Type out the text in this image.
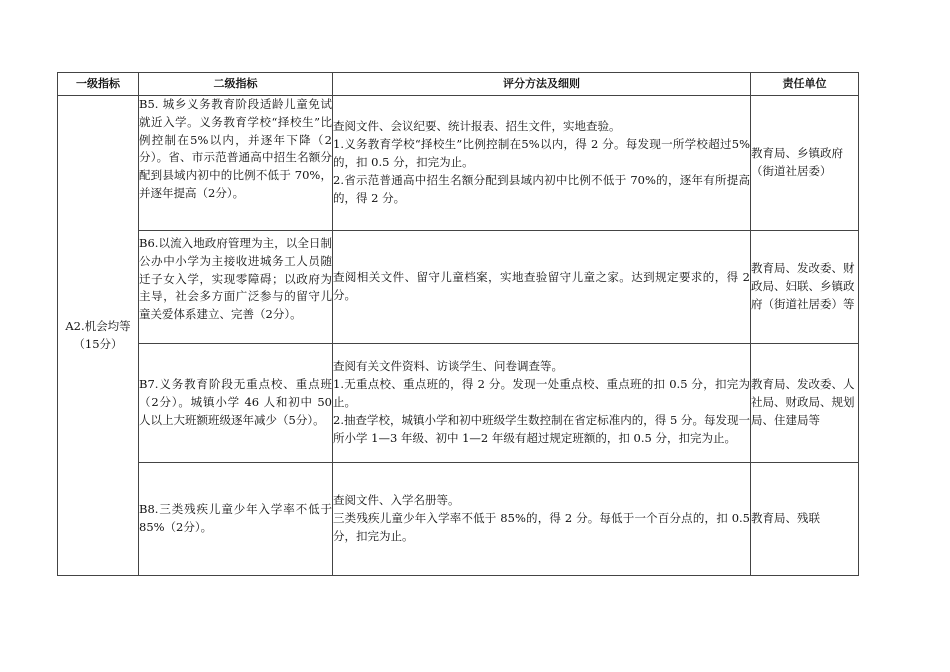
一级指标	二级指标	评分方法及细则	责任单位

A2.机会均等
（15分）	B5. 城乡义务教育阶段适龄儿童免试就近入学。义务教育学校“择校生”比例控制在5%以内，并逐年下降（2分）。省、市示范普通高中招生名额分配到县域内初中的比例不低于 70%，并逐年提高（2分）。	查阅文件、会议纪要、统计报表、招生文件，实地查验。
1.义务教育学校“择校生”比例控制在5%以内，得 2 分。每发现一所学校超过5%的，扣 0.5 分，扣完为止。
2.省示范普通高中招生名额分配到县域内初中比例不低于 70%的，逐年有所提高的，得 2 分。	教育局、乡镇政府（街道社居委）
	B6.以流入地政府管理为主，以全日制公办中小学为主接收进城务工人员随迁子女入学，实现零障碍；以政府为主导，社会多方面广泛参与的留守儿童关爱体系建立、完善（2分）。	查阅相关文件、留守儿童档案，实地查验留守儿童之家。达到规定要求的，得 2 分。	教育局、发改委、财政局、妇联、乡镇政府（街道社居委）等
	B7.义务教育阶段无重点校、重点班（2分）。城镇小学 46 人和初中 50 人以上大班额班级逐年减少（5分）。	查阅有关文件资料、访谈学生、问卷调查等。
1.无重点校、重点班的，得 2 分。发现一处重点校、重点班的扣 0.5 分，扣完为止。
2.抽查学校，城镇小学和初中班级学生数控制在省定标准内的，得 5 分。每发现一所小学 1—3 年级、初中 1—2 年级有超过规定班额的，扣 0.5 分，扣完为止。	教育局、发改委、人社局、财政局、规划局、住建局等
	B8.三类残疾儿童少年入学率不低于 85%（2分）。	查阅文件、入学名册等。
三类残疾儿童少年入学率不低于 85%的，得 2 分。每低于一个百分点的，扣 0.5 分，扣完为止。	教育局、残联
